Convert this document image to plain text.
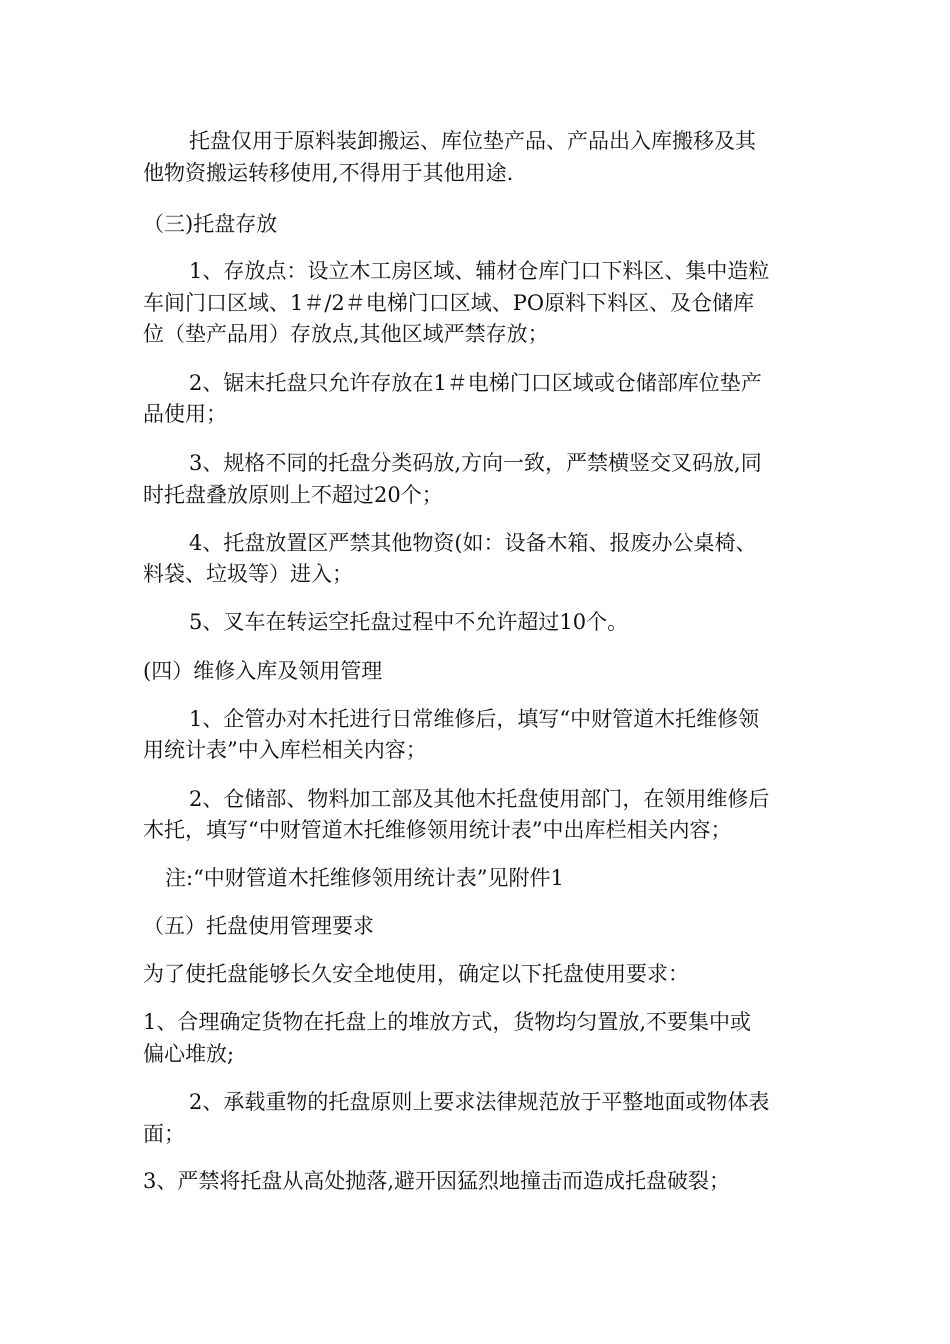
托盘仅用于原料装卸搬运、库位垫产品、产品出入库搬移及其
他物资搬运转移使用,不得用于其他用途.
（三)托盘存放
1、存放点：设立木工房区域、辅材仓库门口下料区、集中造粒
车间门口区域、1＃/2＃电梯门口区域、PO原料下料区、及仓储库
位（垫产品用）存放点,其他区域严禁存放；
2、锯末托盘只允许存放在1＃电梯门口区域或仓储部库位垫产
品使用；
3、规格不同的托盘分类码放,方向一致，严禁横竖交叉码放,同
时托盘叠放原则上不超过20个；
4、托盘放置区严禁其他物资(如：设备木箱、报废办公桌椅、
料袋、垃圾等）进入；
5、叉车在转运空托盘过程中不允许超过10个。
(四）维修入库及领用管理
1、企管办对木托进行日常维修后，填写“中财管道木托维修领
用统计表”中入库栏相关内容；
2、仓储部、物料加工部及其他木托盘使用部门，在领用维修后
木托，填写“中财管道木托维修领用统计表”中出库栏相关内容；
注:“中财管道木托维修领用统计表”见附件1
（五）托盘使用管理要求
为了使托盘能够长久安全地使用，确定以下托盘使用要求：
1、合理确定货物在托盘上的堆放方式，货物均匀置放,不要集中或
偏心堆放;
2、承载重物的托盘原则上要求法律规范放于平整地面或物体表
面；
3、严禁将托盘从高处抛落,避开因猛烈地撞击而造成托盘破裂；
